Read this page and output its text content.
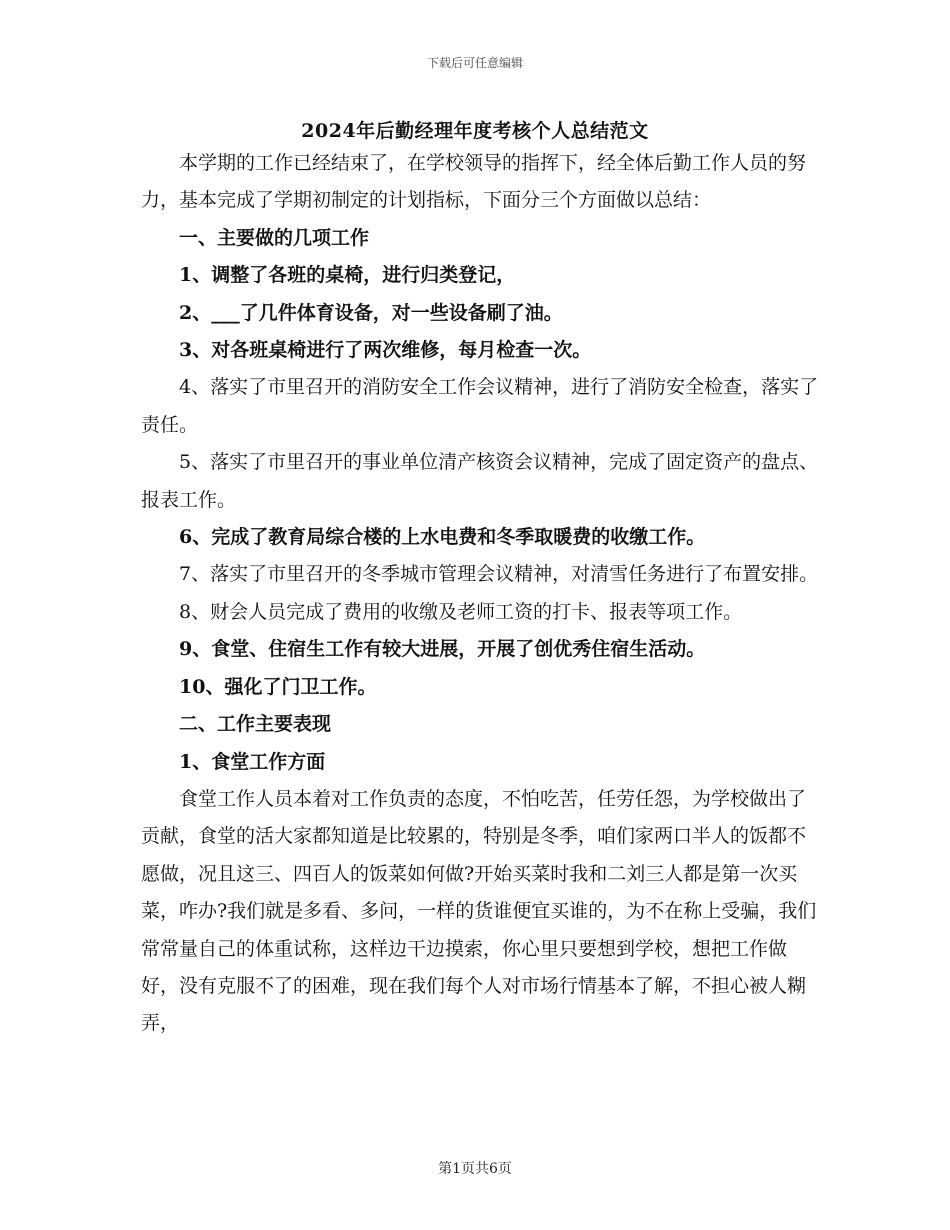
下载后可任意编辑
2024年后勤经理年度考核个人总结范文

本学期的工作已经结束了，在学校领导的指挥下，经全体后勤工作人员的努力，基本完成了学期初制定的计划指标，下面分三个方面做以总结：

一、主要做的几项工作

1、调整了各班的桌椅，进行归类登记，

2、___了几件体育设备，对一些设备刷了油。

3、对各班桌椅进行了两次维修，每月检查一次。

4、落实了市里召开的消防安全工作会议精神，进行了消防安全检查，落实了责任。

5、落实了市里召开的事业单位清产核资会议精神，完成了固定资产的盘点、报表工作。

6、完成了教育局综合楼的上水电费和冬季取暖费的收缴工作。

7、落实了市里召开的冬季城市管理会议精神，对清雪任务进行了布置安排。

8、财会人员完成了费用的收缴及老师工资的打卡、报表等项工作。

9、食堂、住宿生工作有较大进展，开展了创优秀住宿生活动。

10、强化了门卫工作。

二、工作主要表现

1、食堂工作方面

食堂工作人员本着对工作负责的态度，不怕吃苦，任劳任怨，为学校做出了贡献，食堂的活大家都知道是比较累的，特别是冬季，咱们家两口半人的饭都不愿做，况且这三、四百人的饭菜如何做?开始买菜时我和二刘三人都是第一次买菜，咋办?我们就是多看、多问，一样的货谁便宜买谁的，为不在称上受骗，我们常常量自己的体重试称，这样边干边摸索，你心里只要想到学校，想把工作做好，没有克服不了的困难，现在我们每个人对市场行情基本了解，不担心被人糊弄，

第1页共6页
